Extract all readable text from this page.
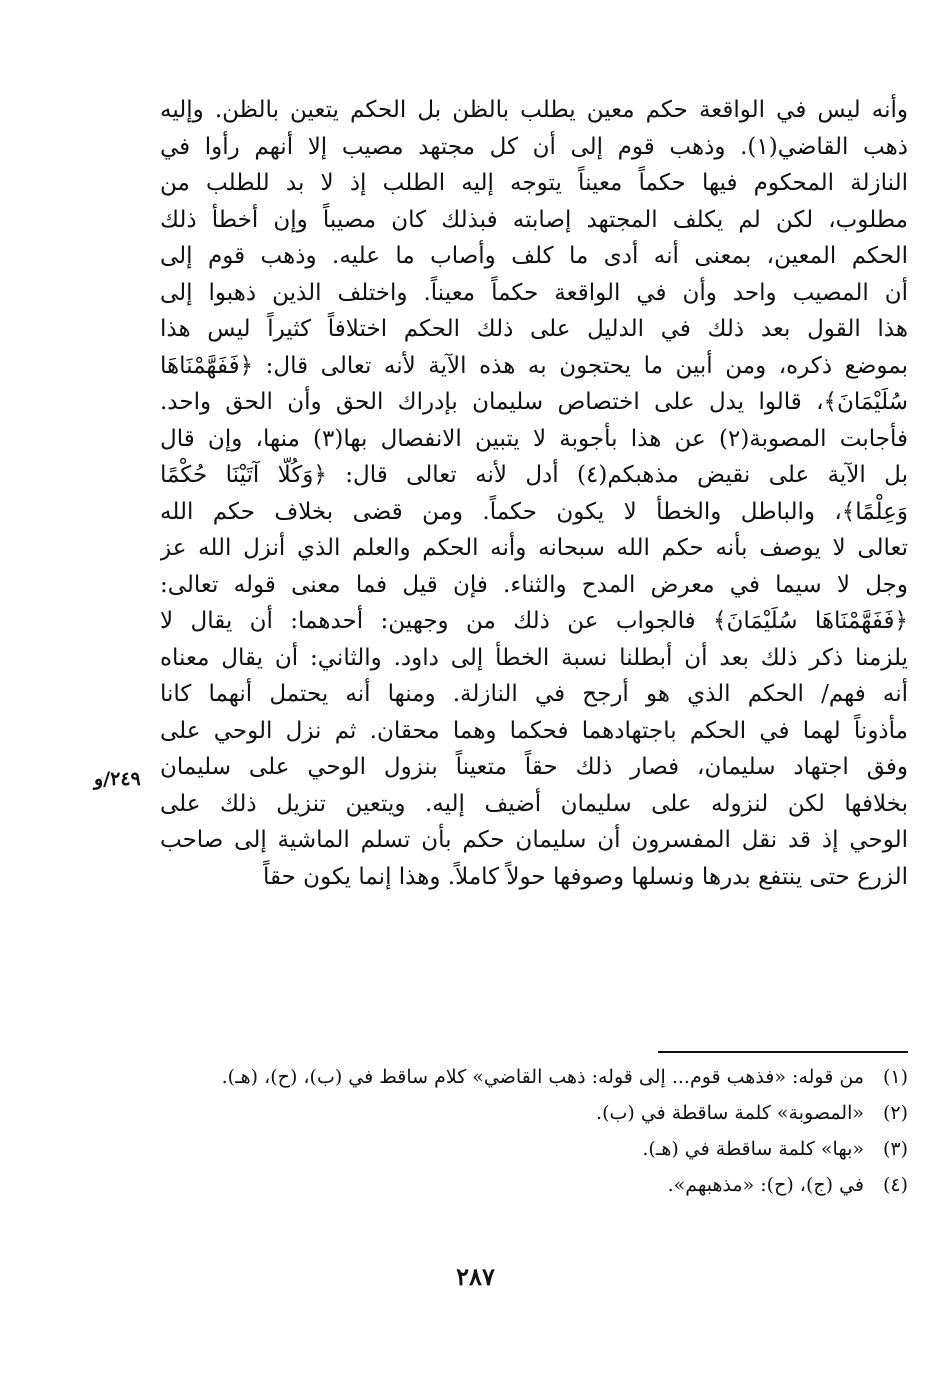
وأنه ليس في الواقعة حكم معين يطلب بالظن بل الحكم يتعين بالظن. وإليه
ذهب القاضي(١). وذهب قوم إلى أن كل مجتهد مصيب إلا أنهم رأوا في
النازلة المحكوم فيها حكماً معيناً يتوجه إليه الطلب إذ لا بد للطلب من
مطلوب، لكن لم يكلف المجتهد إصابته فبذلك كان مصيباً وإن أخطأ ذلك
الحكم المعين، بمعنى أنه أدى ما كلف وأصاب ما عليه. وذهب قوم إلى
أن المصيب واحد وأن في الواقعة حكماً معيناً. واختلف الذين ذهبوا إلى
هذا القول بعد ذلك في الدليل على ذلك الحكم اختلافاً كثيراً ليس هذا
بموضع ذكره، ومن أبين ما يحتجون به هذه الآية لأنه تعالى قال: ﴿فَفَهَّمْنَاهَا
سُلَيْمَانَ﴾، قالوا يدل على اختصاص سليمان بإدراك الحق وأن الحق واحد.
فأجابت المصوبة(٢) عن هذا بأجوبة لا يتبين الانفصال بها(٣) منها، وإن قال
بل الآية على نقيض مذهبكم(٤) أدل لأنه تعالى قال: ﴿وَكُلًّا آتَيْنَا حُكْمًا
وَعِلْمًا﴾، والباطل والخطأ لا يكون حكماً. ومن قضى بخلاف حكم الله
تعالى لا يوصف بأنه حكم الله سبحانه وأنه الحكم والعلم الذي أنزل الله عز
وجل لا سيما في معرض المدح والثناء. فإن قيل فما معنى قوله تعالى:
﴿فَفَهَّمْنَاهَا سُلَيْمَانَ﴾ فالجواب عن ذلك من وجهين: أحدهما: أن يقال لا
يلزمنا ذكر ذلك بعد أن أبطلنا نسبة الخطأ إلى داود. والثاني: أن يقال معناه
أنه فهم/ الحكم الذي هو أرجح في النازلة. ومنها أنه يحتمل أنهما كانا
مأذوناً لهما في الحكم باجتهادهما فحكما وهما محقان. ثم نزل الوحي على
وفق اجتهاد سليمان، فصار ذلك حقاً متعيناً بنزول الوحي على سليمان
بخلافها لكن لنزوله على سليمان أضيف إليه. ويتعين تنزيل ذلك على
الوحي إذ قد نقل المفسرون أن سليمان حكم بأن تسلم الماشية إلى صاحب
الزرع حتى ينتفع بدرها ونسلها وصوفها حولاً كاملاً. وهذا إنما يكون حقاً
٢٤٩/و
(١)
من قوله: «فذهب قوم... إلى قوله: ذهب القاضي» كلام ساقط في (ب)، (ح)، (هـ).
(٢)
«المصوبة» كلمة ساقطة في (ب).
(٣)
«بها» كلمة ساقطة في (هـ).
(٤)
في (ج)، (ح): «مذهبهم».
٢٨٧
